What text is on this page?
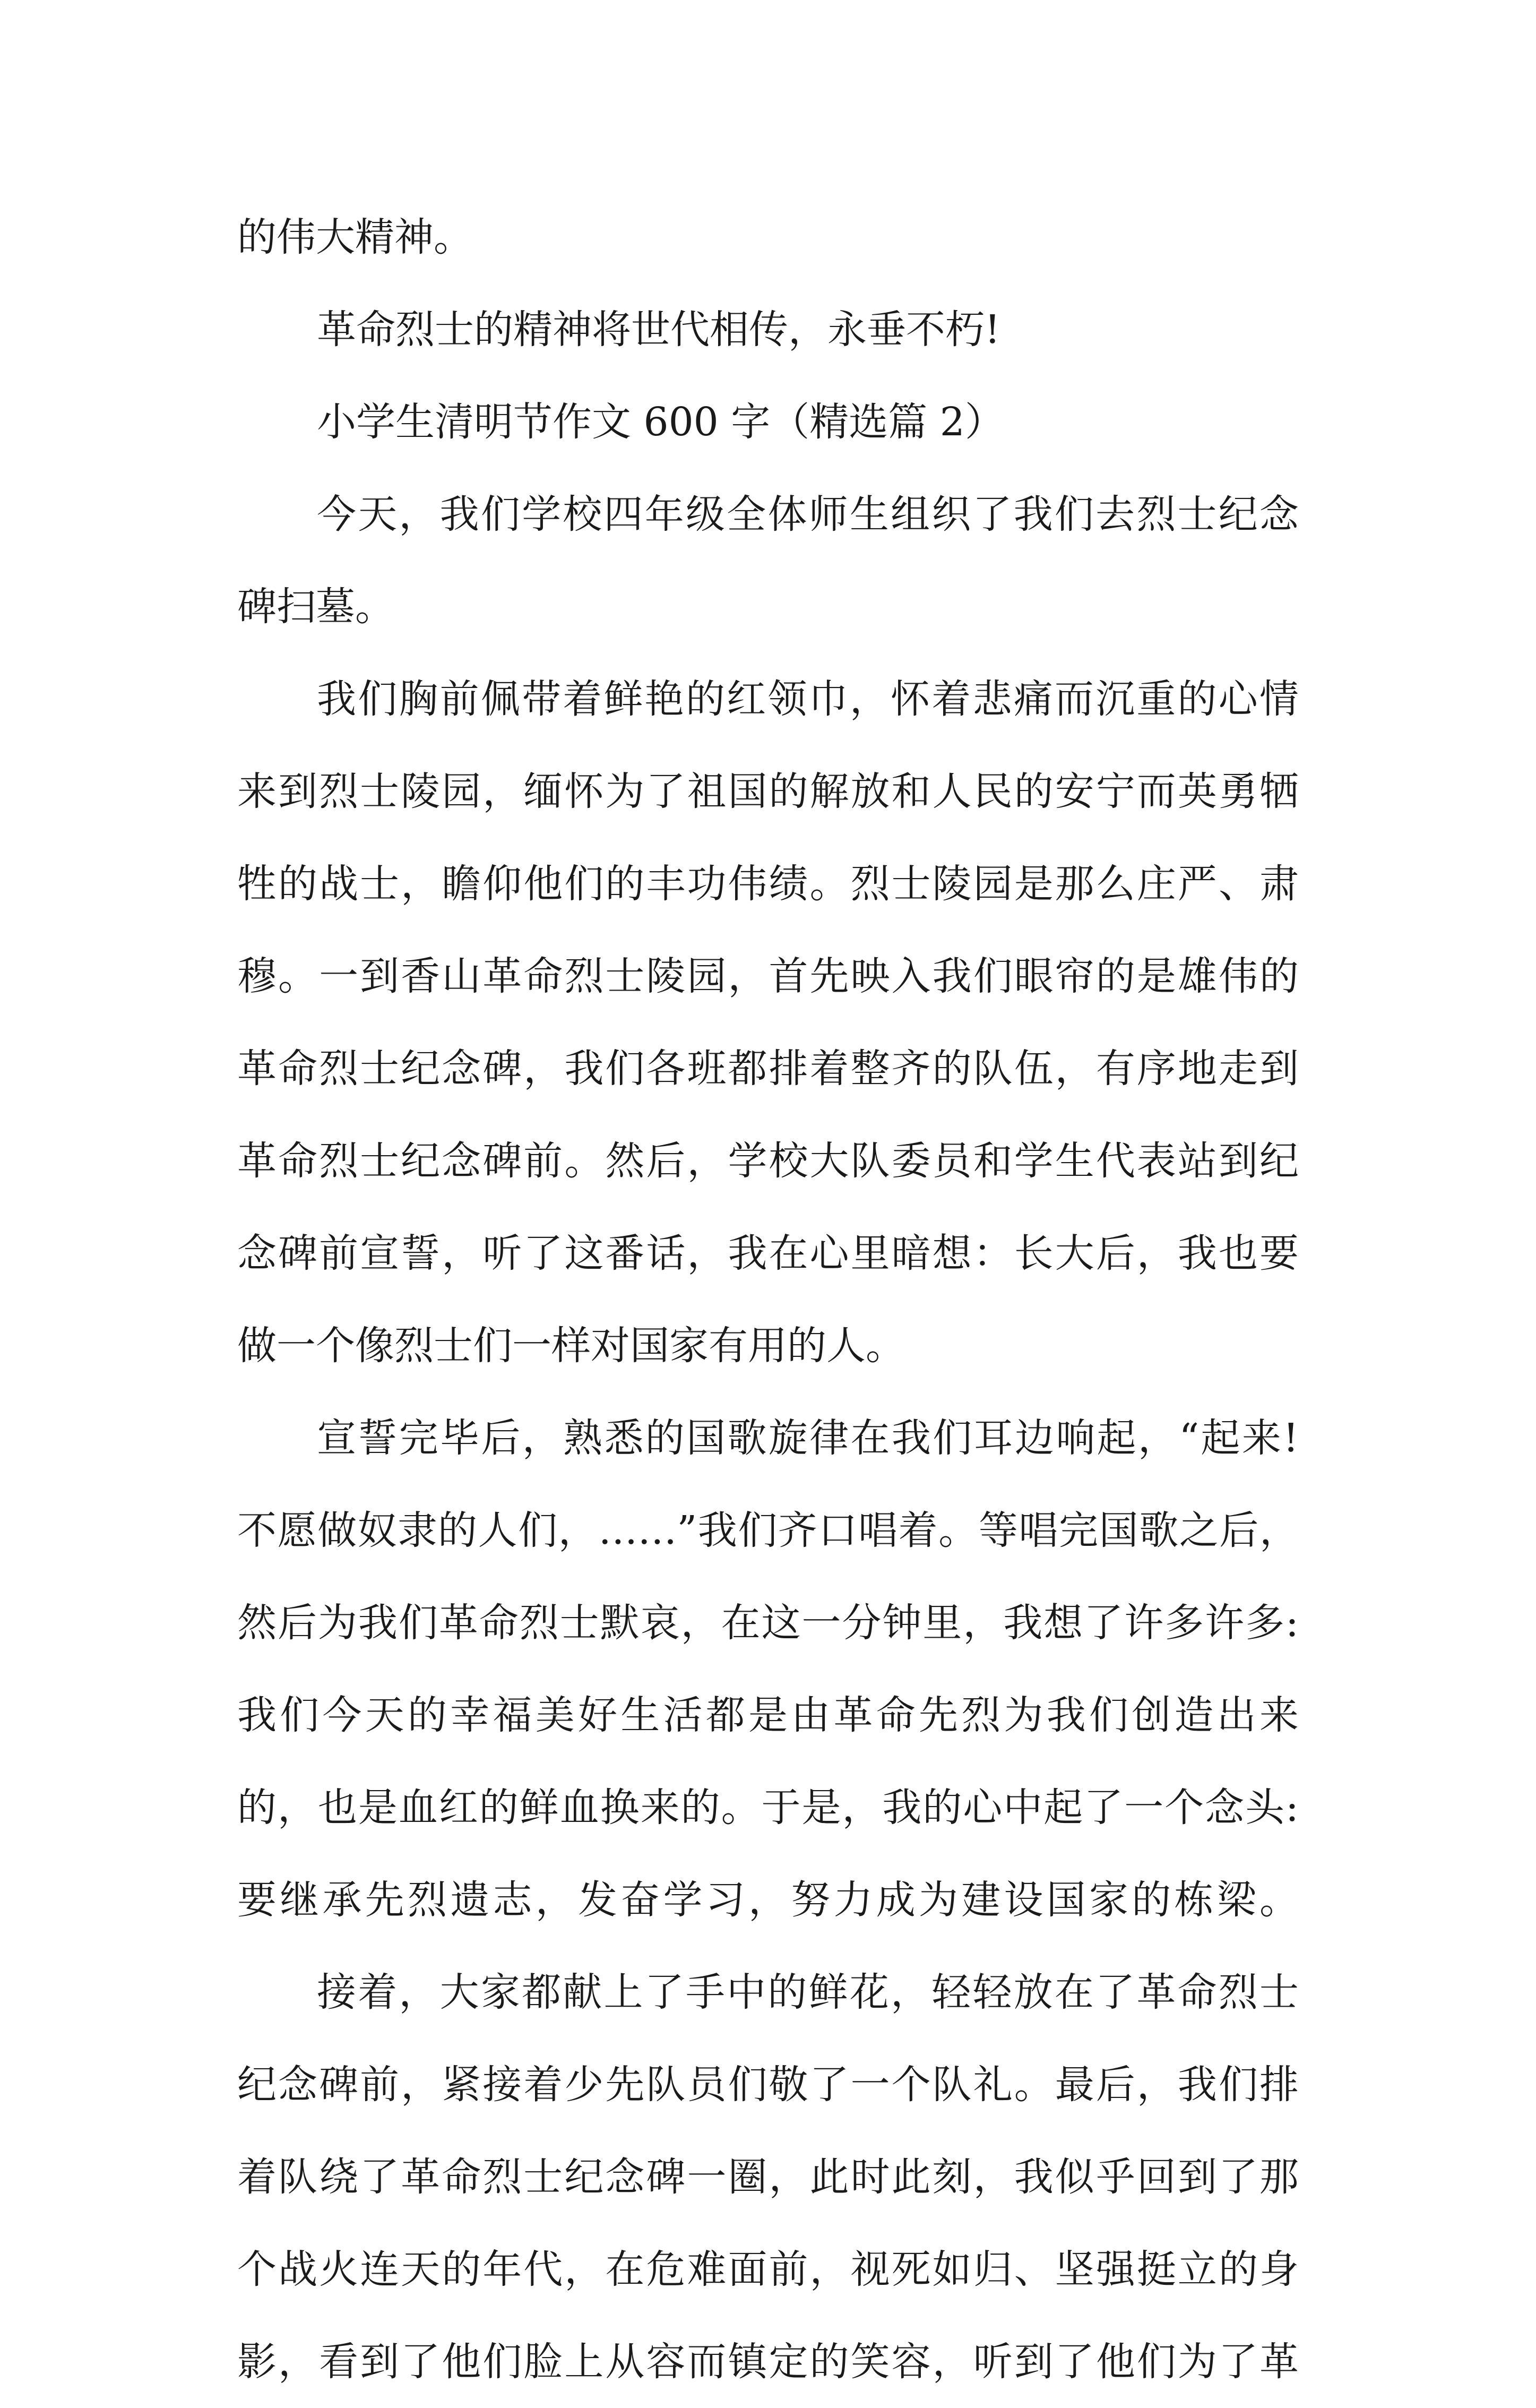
的伟大精神。
革命烈士的精神将世代相传，永垂不朽!
小学生清明节作文 600 字（精选篇 2）
今天，我们学校四年级全体师生组织了我们去烈士纪念
碑扫墓。
我们胸前佩带着鲜艳的红领巾，怀着悲痛而沉重的心情
来到烈士陵园，缅怀为了祖国的解放和人民的安宁而英勇牺
牲的战士，瞻仰他们的丰功伟绩。烈士陵园是那么庄严、肃
穆。一到香山革命烈士陵园，首先映入我们眼帘的是雄伟的
革命烈士纪念碑，我们各班都排着整齐的队伍，有序地走到
革命烈士纪念碑前。然后，学校大队委员和学生代表站到纪
念碑前宣誓，听了这番话，我在心里暗想：长大后，我也要
做一个像烈士们一样对国家有用的人。
宣誓完毕后，熟悉的国歌旋律在我们耳边响起，“起来!
不愿做奴隶的人们，……”我们齐口唱着。等唱完国歌之后，
然后为我们革命烈士默哀，在这一分钟里，我想了许多许多:
我们今天的幸福美好生活都是由革命先烈为我们创造出来
的，也是血红的鲜血换来的。于是，我的心中起了一个念头:
要继承先烈遗志，发奋学习，努力成为建设国家的栋梁。
接着，大家都献上了手中的鲜花，轻轻放在了革命烈士
纪念碑前，紧接着少先队员们敬了一个队礼。最后，我们排
着队绕了革命烈士纪念碑一圈，此时此刻，我似乎回到了那
个战火连天的年代，在危难面前，视死如归、坚强挺立的身
影，看到了他们脸上从容而镇定的笑容，听到了他们为了革
